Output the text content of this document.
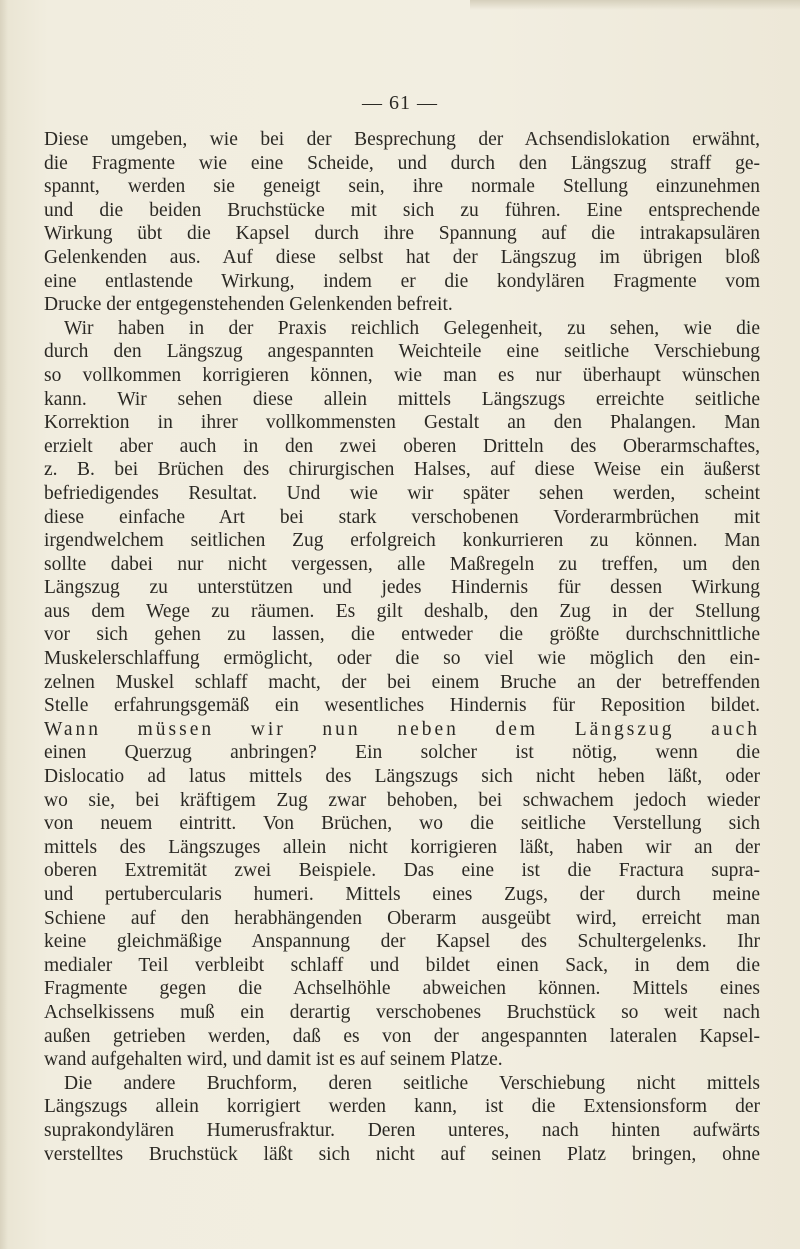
— 61 —
Diese umgeben, wie bei der Besprechung der Achsendislokation erwähnt,
die Fragmente wie eine Scheide, und durch den Längszug straff ge-
spannt, werden sie geneigt sein, ihre normale Stellung einzunehmen
und die beiden Bruchstücke mit sich zu führen. Eine entsprechende
Wirkung übt die Kapsel durch ihre Spannung auf die intrakapsulären
Gelenkenden aus. Auf diese selbst hat der Längszug im übrigen bloß
eine entlastende Wirkung, indem er die kondylären Fragmente vom
Drucke der entgegenstehenden Gelenkenden befreit.
Wir haben in der Praxis reichlich Gelegenheit, zu sehen, wie die
durch den Längszug angespannten Weichteile eine seitliche Verschiebung
so vollkommen korrigieren können, wie man es nur überhaupt wünschen
kann. Wir sehen diese allein mittels Längszugs erreichte seitliche
Korrektion in ihrer vollkommensten Gestalt an den Phalangen. Man
erzielt aber auch in den zwei oberen Dritteln des Oberarmschaftes,
z. B. bei Brüchen des chirurgischen Halses, auf diese Weise ein äußerst
befriedigendes Resultat. Und wie wir später sehen werden, scheint
diese einfache Art bei stark verschobenen Vorderarmbrüchen mit
irgendwelchem seitlichen Zug erfolgreich konkurrieren zu können. Man
sollte dabei nur nicht vergessen, alle Maßregeln zu treffen, um den
Längszug zu unterstützen und jedes Hindernis für dessen Wirkung
aus dem Wege zu räumen. Es gilt deshalb, den Zug in der Stellung
vor sich gehen zu lassen, die entweder die größte durchschnittliche
Muskelerschlaffung ermöglicht, oder die so viel wie möglich den ein-
zelnen Muskel schlaff macht, der bei einem Bruche an der betreffenden
Stelle erfahrungsgemäß ein wesentliches Hindernis für Reposition bildet.
Wann müssen wir nun neben dem Längszug auch
einen Querzug anbringen? Ein solcher ist nötig, wenn die
Dislocatio ad latus mittels des Längszugs sich nicht heben läßt, oder
wo sie, bei kräftigem Zug zwar behoben, bei schwachem jedoch wieder
von neuem eintritt. Von Brüchen, wo die seitliche Verstellung sich
mittels des Längszuges allein nicht korrigieren läßt, haben wir an der
oberen Extremität zwei Beispiele. Das eine ist die Fractura supra-
und pertubercularis humeri. Mittels eines Zugs, der durch meine
Schiene auf den herabhängenden Oberarm ausgeübt wird, erreicht man
keine gleichmäßige Anspannung der Kapsel des Schultergelenks. Ihr
medialer Teil verbleibt schlaff und bildet einen Sack, in dem die
Fragmente gegen die Achselhöhle abweichen können. Mittels eines
Achselkissens muß ein derartig verschobenes Bruchstück so weit nach
außen getrieben werden, daß es von der angespannten lateralen Kapsel-
wand aufgehalten wird, und damit ist es auf seinem Platze.
Die andere Bruchform, deren seitliche Verschiebung nicht mittels
Längszugs allein korrigiert werden kann, ist die Extensionsform der
suprakondylären Humerusfraktur. Deren unteres, nach hinten aufwärts
verstelltes Bruchstück läßt sich nicht auf seinen Platz bringen, ohne
